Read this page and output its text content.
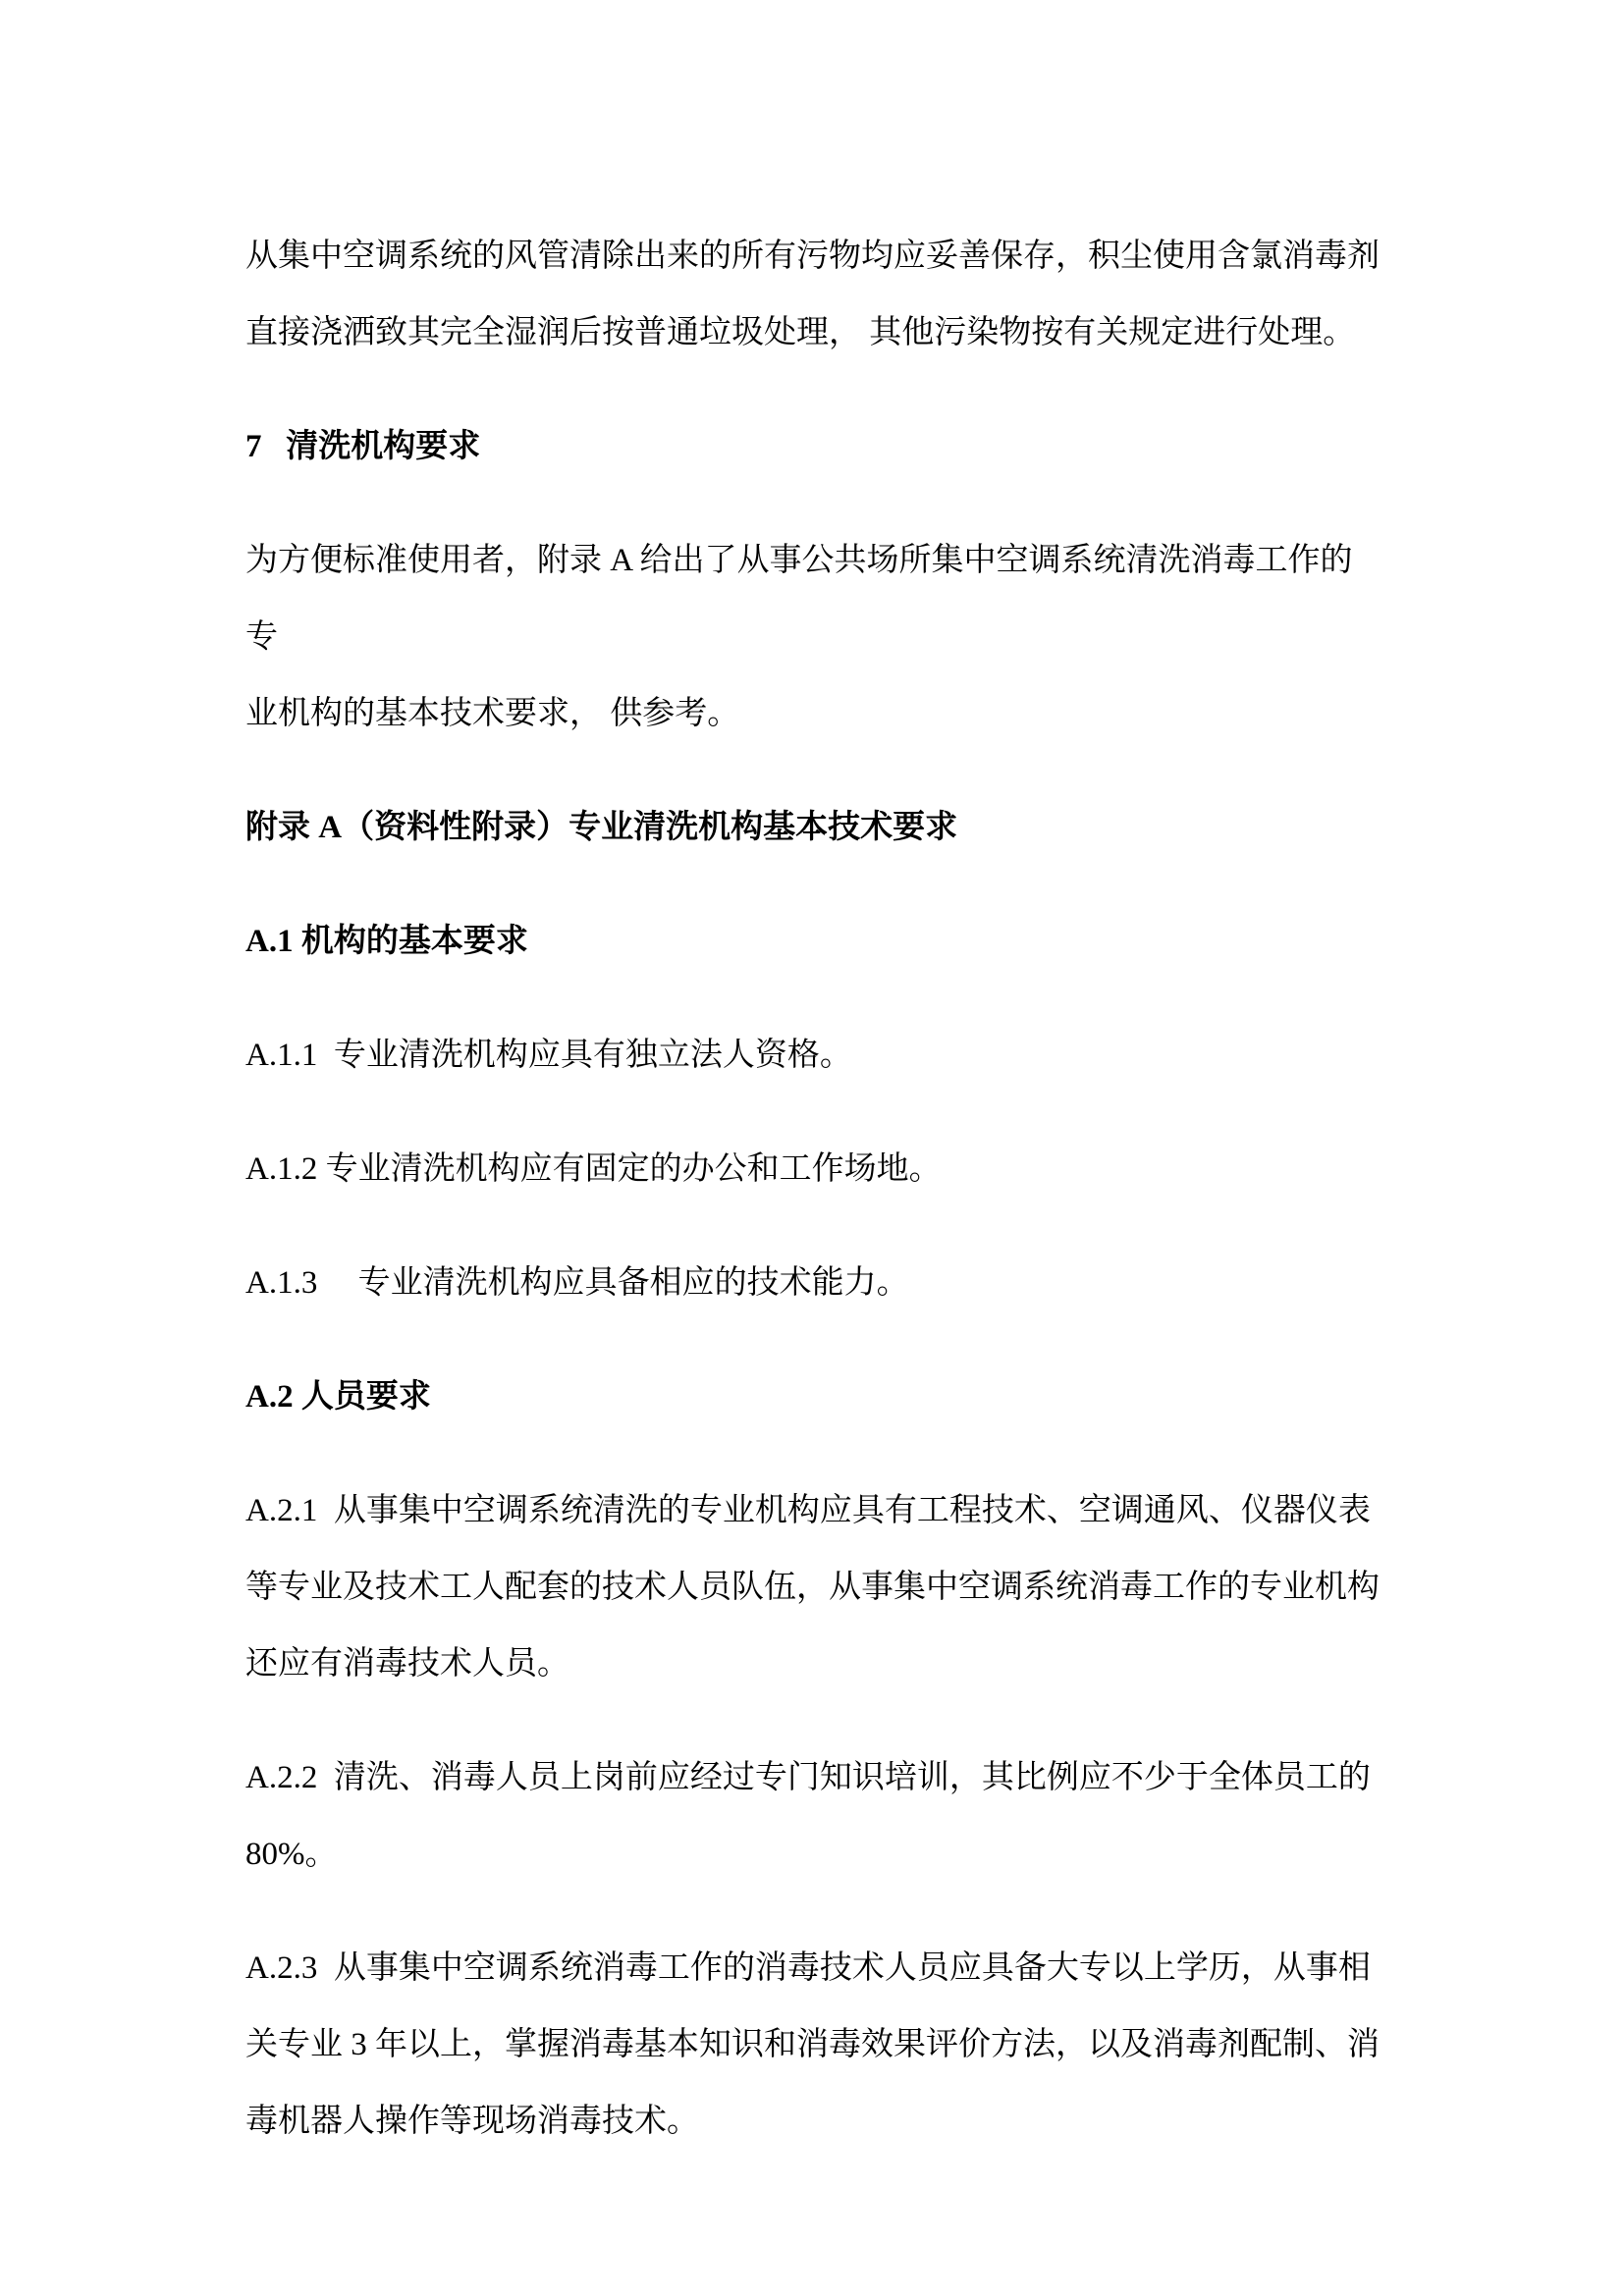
从集中空调系统的风管清除出来的所有污物均应妥善保存，积尘使用含氯消毒剂
直接浇洒致其完全湿润后按普通垃圾处理， 其他污染物按有关规定进行处理。

7   清洗机构要求

为方便标准使用者，附录 A 给出了从事公共场所集中空调系统清洗消毒工作的专
业机构的基本技术要求， 供参考。

附录 A（资料性附录）专业清洗机构基本技术要求

A.1 机构的基本要求

A.1.1  专业清洗机构应具有独立法人资格。

A.1.2 专业清洗机构应有固定的办公和工作场地。

A.1.3     专业清洗机构应具备相应的技术能力。

A.2 人员要求

A.2.1  从事集中空调系统清洗的专业机构应具有工程技术、空调通风、仪器仪表
等专业及技术工人配套的技术人员队伍，从事集中空调系统消毒工作的专业机构
还应有消毒技术人员。

A.2.2  清洗、消毒人员上岗前应经过专门知识培训，其比例应不少于全体员工的
80%。

A.2.3  从事集中空调系统消毒工作的消毒技术人员应具备大专以上学历，从事相
关专业 3 年以上，掌握消毒基本知识和消毒效果评价方法，以及消毒剂配制、消
毒机器人操作等现场消毒技术。
